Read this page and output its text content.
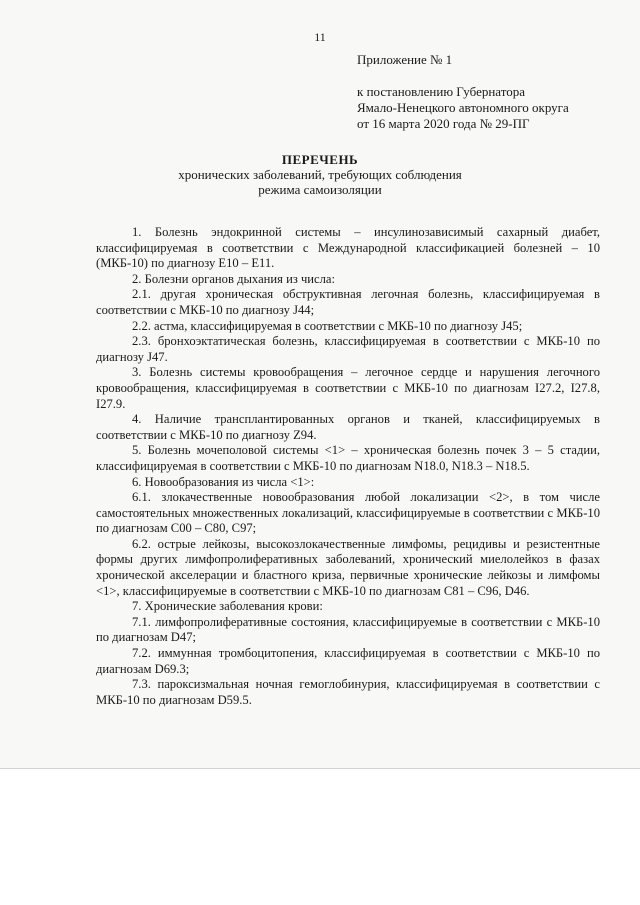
11
Приложение № 1
к постановлению Губернатора
Ямало-Ненецкого автономного округа
от 16 марта 2020 года № 29-ПГ
ПЕРЕЧЕНЬ
хронических заболеваний, требующих соблюдения
режима самоизоляции

1. Болезнь эндокринной системы – инсулинозависимый сахарный диабет, классифицируемая в соответствии с Международной классификацией болезней – 10 (МКБ-10) по диагнозу E10 – E11.

2. Болезни органов дыхания из числа:

2.1. другая хроническая обструктивная легочная болезнь, классифицируемая в соответствии с МКБ-10 по диагнозу J44;

2.2. астма, классифицируемая в соответствии с МКБ-10 по диагнозу J45;

2.3. бронхоэктатическая болезнь, классифицируемая в соответствии с МКБ-10 по диагнозу J47.

3. Болезнь системы кровообращения – легочное сердце и нарушения легочного кровообращения, классифицируемая в соответствии с МКБ-10 по диагнозам I27.2, I27.8, I27.9.

4. Наличие трансплантированных органов и тканей, классифицируемых в соответствии с МКБ-10 по диагнозу Z94.

5. Болезнь мочеполовой системы <1> – хроническая болезнь почек 3 – 5 стадии, классифицируемая в соответствии с МКБ-10 по диагнозам N18.0, N18.3 – N18.5.

6. Новообразования из числа <1>:

6.1. злокачественные новообразования любой локализации <2>, в том числе самостоятельных множественных локализаций, классифицируемые в соответствии с МКБ-10 по диагнозам C00 – C80, C97;

6.2. острые лейкозы, высокозлокачественные лимфомы, рецидивы и резистентные формы других лимфопролиферативных заболеваний, хронический миелолейкоз в фазах хронической акселерации и бластного криза, первичные хронические лейкозы и лимфомы <1>, классифицируемые в соответствии с МКБ-10 по диагнозам C81 – C96, D46.

7. Хронические заболевания крови:

7.1. лимфопролиферативные состояния, классифицируемые в соответствии с МКБ-10 по диагнозам D47;

7.2. иммунная тромбоцитопения, классифицируемая в соответствии с МКБ-10 по диагнозам D69.3;

7.3. пароксизмальная ночная гемоглобинурия, классифицируемая в соответствии с МКБ-10 по диагнозам D59.5.
